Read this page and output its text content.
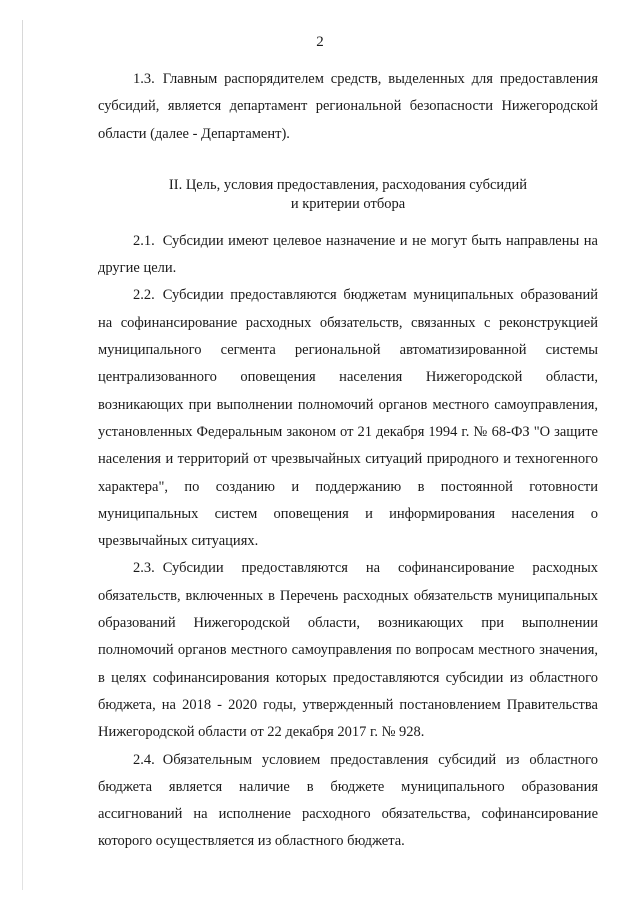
2

1.3. Главным распорядителем средств, выделенных для предоставления субсидий, является департамент региональной безопасности Нижегородской области (далее - Департамент).

II. Цель, условия предоставления, расходования субсидий
и критерии отбора

2.1. Субсидии имеют целевое назначение и не могут быть направлены на другие цели.

2.2. Субсидии предоставляются бюджетам муниципальных образований на софинансирование расходных обязательств, связанных с реконструкцией муниципального сегмента региональной автоматизированной системы централизованного оповещения населения Нижегородской области, возникающих при выполнении полномочий органов местного самоуправления, установленных Федеральным законом от 21 декабря 1994 г. № 68-ФЗ "О защите населения и территорий от чрезвычайных ситуаций природного и техногенного характера", по созданию и поддержанию в постоянной готовности муниципальных систем оповещения и информирования населения о чрезвычайных ситуациях.

2.3. Субсидии предоставляются на софинансирование расходных обязательств, включенных в Перечень расходных обязательств муниципальных образований Нижегородской области, возникающих при выполнении полномочий органов местного самоуправления по вопросам местного значения, в целях софинансирования которых предоставляются субсидии из областного бюджета, на 2018 - 2020 годы, утвержденный постановлением Правительства Нижегородской области от 22 декабря 2017 г. № 928.

2.4. Обязательным условием предоставления субсидий из областного бюджета является наличие в бюджете муниципального образования ассигнований на исполнение расходного обязательства, софинансирование которого осуществляется из областного бюджета.
